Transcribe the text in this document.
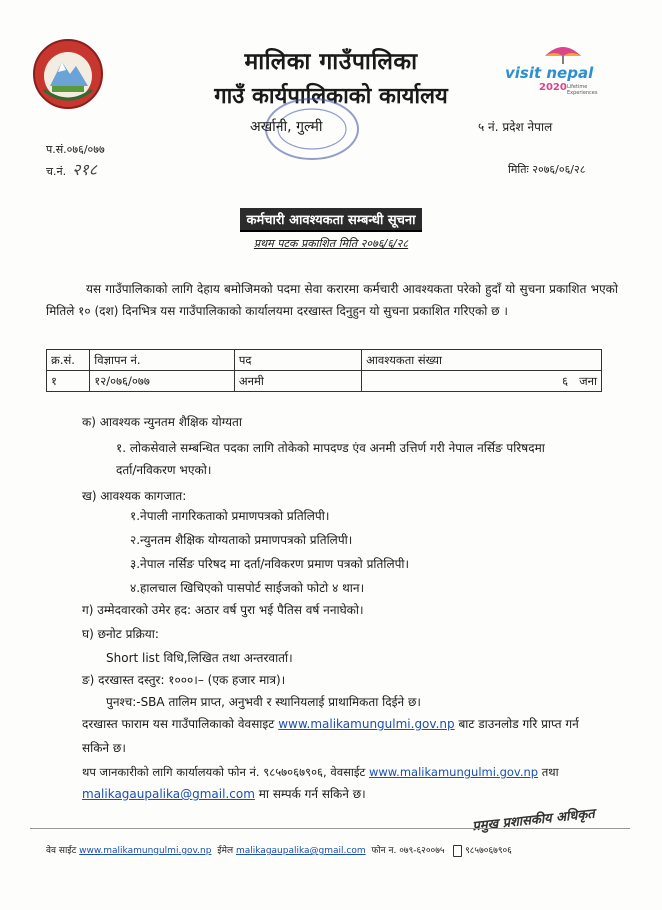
visit nepal
2020 Lifetime Experiences
मालिका गाउँपालिका
गाउँ कार्यपालिकाको कार्यालय
अर्खानी, गुल्मी	५ नं. प्रदेश नेपाल
प.सं.०७६/०७७
च.नं. २१८	मितिः २०७६/०६/२८
कर्मचारी आवश्यकता सम्बन्धी सूचना
प्रथम पटक प्रकाशित मिति २०७६/६/२८
यस गाउँपालिकाको लागि देहाय बमोजिमको पदमा सेवा करारमा कर्मचारी आवश्यकता परेको हुदाँ यो सुचना प्रकाशित भएको मितिले १० (दश) दिनभित्र यस गाउँपालिकाको कार्यालयमा दरखास्त दिनुहुन यो सुचना प्रकाशित गरिएको छ ।
क्र.सं.	विज्ञापन नं.	पद	आवश्यकता संख्या
१	१२/०७६/०७७	अनमी	६   जना
क) आवश्यक न्युनतम शैक्षिक योग्यता
१. लोकसेवाले सम्बन्धित पदका लागि तोकेको मापदण्ड एंव अनमी उत्तिर्ण गरी नेपाल नर्सिङ परिषदमा
दर्ता/नविकरण भएको।
ख) आवश्यक कागजात:
१.नेपाली नागरिकताको प्रमाणपत्रको प्रतिलिपी।
२.न्युनतम शैक्षिक योग्यताको प्रमाणपत्रको प्रतिलिपी।
३.नेपाल नर्सिङ परिषद मा दर्ता/नविकरण प्रमाण पत्रको प्रतिलिपी।
४.हालचाल खिचिएको पासपोर्ट साईजको फोटो ४ थान।
ग) उम्मेदवारको उमेर हद: अठार वर्ष पुरा भई पैतिस वर्ष ननाघेको।
घ) छनोट प्रक्रिया:
Short list विधि,लिखित तथा अन्तरवार्ता।
ङ) दरखास्त दस्तुर: १०००।– (एक हजार मात्र)।
पुनश्च:-SBA तालिम प्राप्त, अनुभवी र स्थानियलाई प्राथामिकता दिईने छ।
दरखास्त फाराम यस गाउँपालिकाको वेवसाइट www.malikamungulmi.gov.np बाट डाउनलोड गरि प्राप्त गर्न
सकिने छ।
थप जानकारीको लागि कार्यालयको फोन नं. ९८५७०६७९०६, वेवसाईट www.malikamungulmi.gov.np तथा
malikagaupalika@gmail.com मा सम्पर्क गर्न सकिने छ।
प्रमुख प्रशासकीय अधिकृत
वेव साईट www.malikamungulmi.gov.np ईमेल malikagaupalika@gmail.com फोन न. ०७९-६२००७५ ९८५७०६७९०६
